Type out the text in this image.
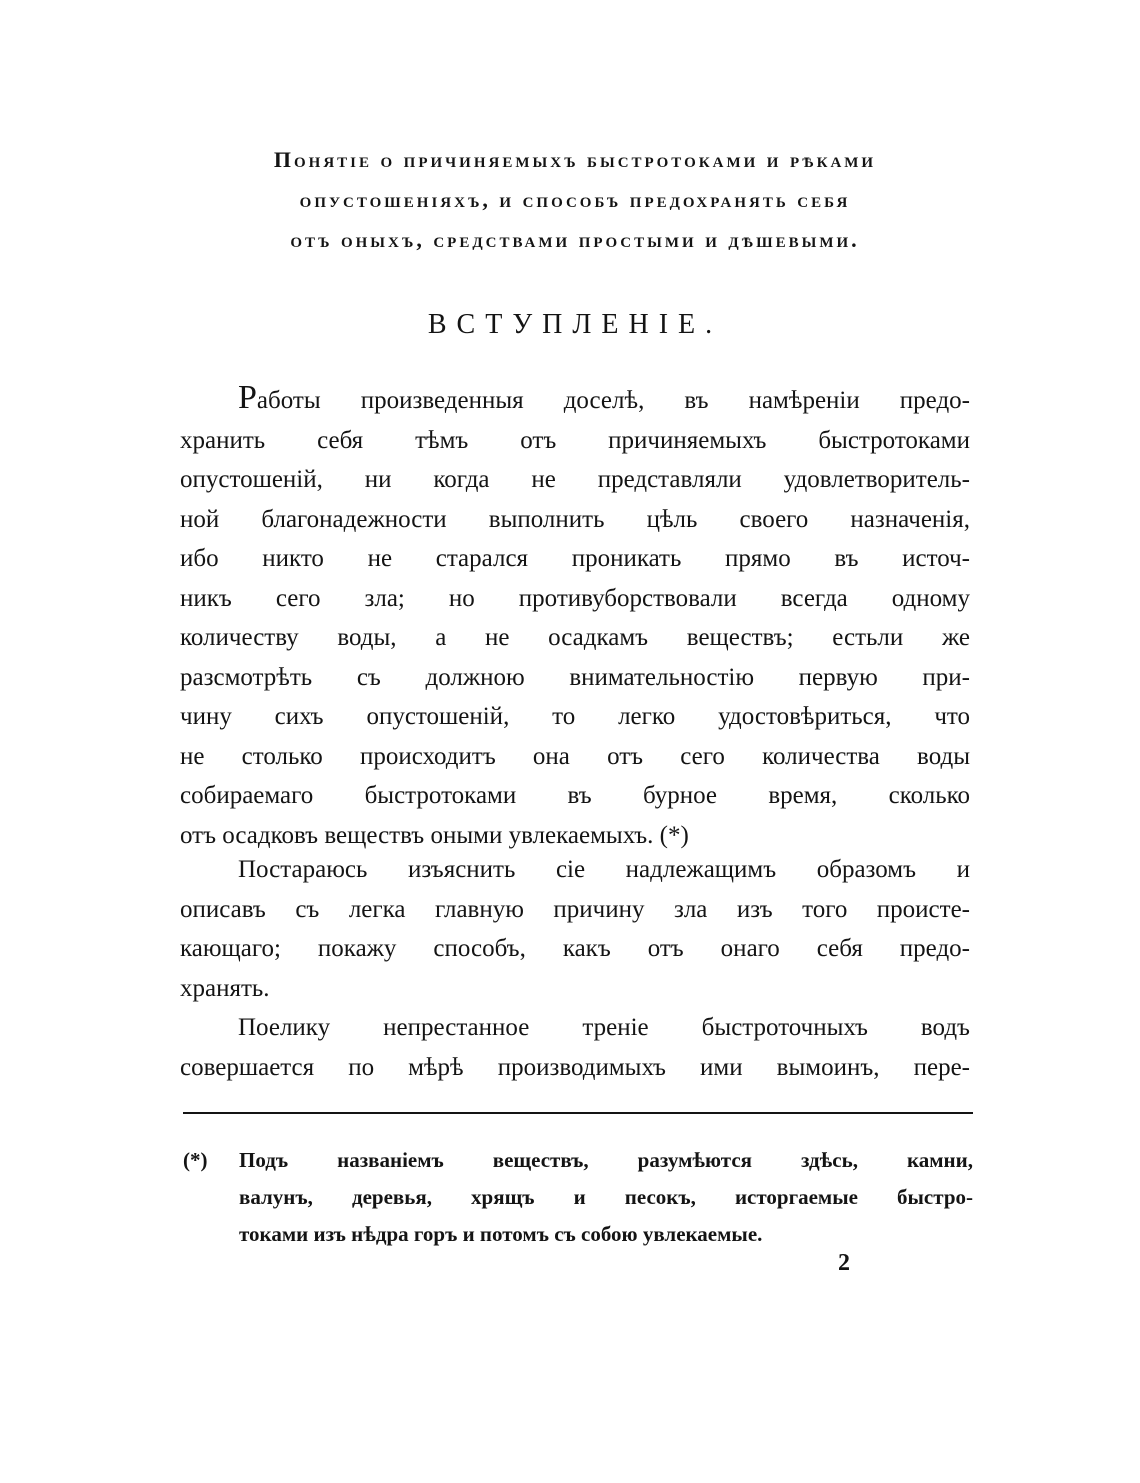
Понятіе о причиняемыхъ быстротоками и рѣками
опустошеніяхъ, и способъ предохранять себя
отъ оныхъ, средствами простыми и дѣшевыми.
ВСТУПЛЕНІЕ.
Работы произведенныя доселѣ, въ намѣреніи предо-
хранить себя тѣмъ отъ причиняемыхъ быстротоками
опустошеній, ни когда не представляли удовлетворитель-
ной благонадежности выполнить цѣль своего назначенія,
ибо никто не старался проникать прямо въ источ-
никъ сего зла; но противуборствовали всегда одному
количеству воды, а не осадкамъ веществъ; естьли же
разсмотрѣть съ должною внимательностію первую при-
чину сихъ опустошеній, то легко удостовѣриться, что
не столько происходитъ она отъ сего количества воды
собираемаго быстротоками въ бурное время, сколько
отъ осадковъ веществъ оными увлекаемыхъ. (*)
Постараюсь изъяснить сіе надлежащимъ образомъ и
описавъ съ легка главную причину зла изъ того происте-
кающаго; покажу способъ, какъ отъ онаго себя предо-
хранять.
Поелику непрестанное треніе быстроточныхъ водъ
совершается по мѣрѣ производимыхъ ими вымоинъ, пере-
(*) Подъ названіемъ веществъ, разумѣются здѣсь, камни,
валунъ, деревья, хрящъ и песокъ, исторгаемые быстро-
токами изъ нѣдра горъ и потомъ съ собою увлекаемые.
2
